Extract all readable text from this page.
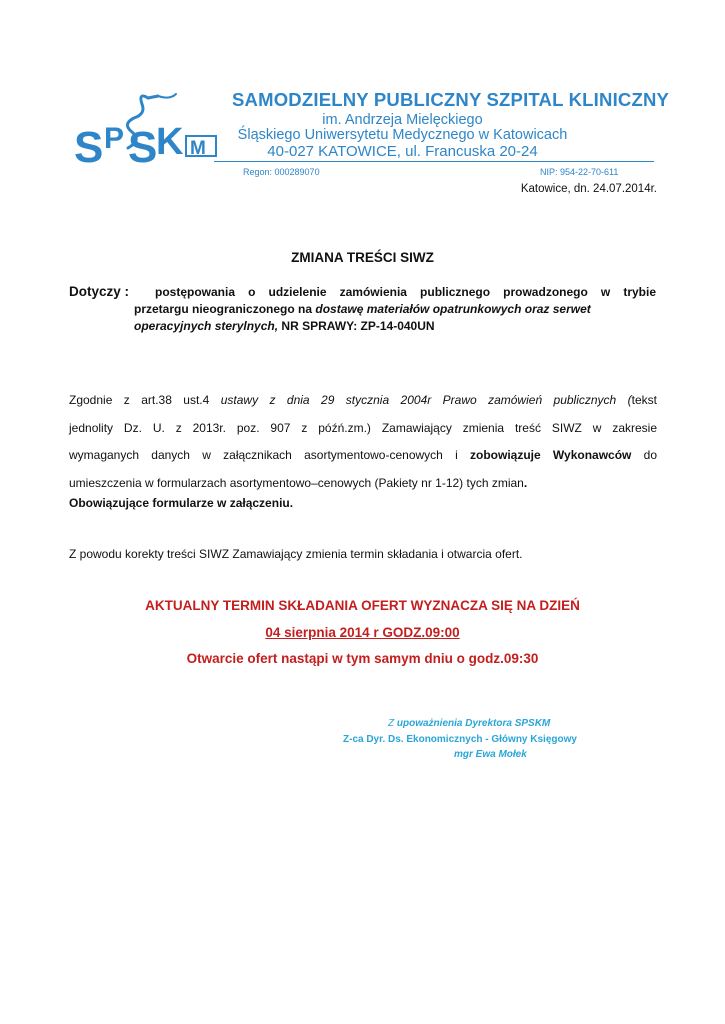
S P S
K M
SAMODZIELNY PUBLICZNY SZPITAL KLINICZNY
im. Andrzeja Mielęckiego
Śląskiego Uniwersytetu Medycznego w Katowicach
40-027 KATOWICE, ul. Francuska 20-24
Regon: 000289070	NIP: 954-22-70-611
Katowice, dn. 24.07.2014r.
ZMIANA TREŚCI SIWZ
Dotyczy :	postępowania o udzielenie zamówienia publicznego prowadzonego w trybie
przetargu nieograniczonego na dostawę materiałów opatrunkowych oraz serwet
operacyjnych sterylnych, NR SPRAWY: ZP-14-040UN
Zgodnie z art.38 ust.4 ustawy z dnia 29 stycznia 2004r Prawo zamówień publicznych (tekst
jednolity Dz. U. z 2013r. poz. 907 z późń.zm.) Zamawiający zmienia treść SIWZ w zakresie
wymaganych danych w załącznikach asortymentowo-cenowych i zobowiązuje Wykonawców do
umieszczenia w formularzach asortymentowo–cenowych (Pakiety nr 1-12) tych zmian.
Obowiązujące formularze w załączeniu.
Z powodu korekty treści SIWZ Zamawiający zmienia termin składania i otwarcia ofert.
AKTUALNY TERMIN SKŁADANIA OFERT WYZNACZA SIĘ NA DZIEŃ
04 sierpnia 2014 r GODZ.09:00
Otwarcie ofert nastąpi w tym samym dniu o godz.09:30
Z upoważnienia Dyrektora SPSKM
Z-ca Dyr. Ds. Ekonomicznych - Główny Księgowy
mgr Ewa Mołek
